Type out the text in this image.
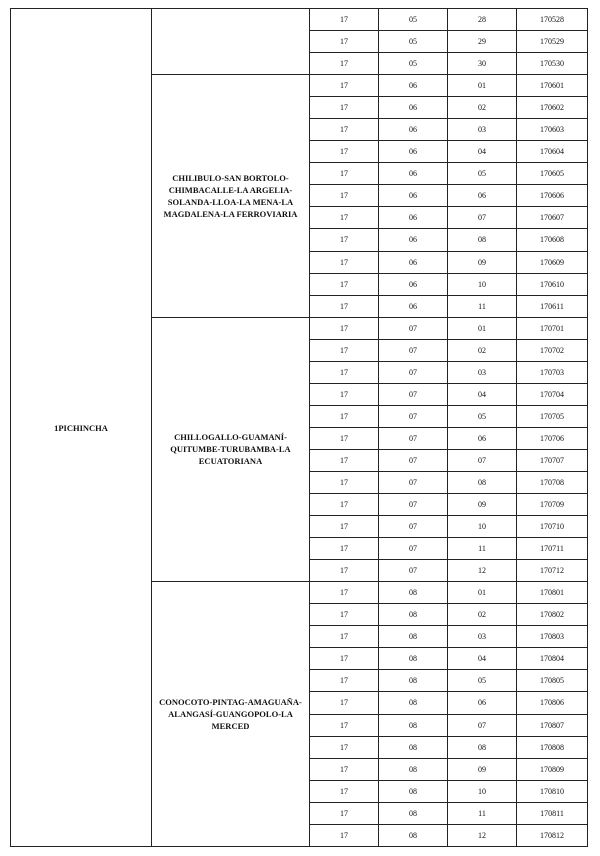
1PICHINCHA		17	05	28	170528
		17	05	29	170529
		17	05	30	170530
	CHILIBULO-SAN BORTOLO-CHIMBACALLE-LA ARGELIA-SOLANDA-LLOA-LA MENA-LA MAGDALENA-LA FERROVIARIA	17	06	01	170601
		17	06	02	170602
		17	06	03	170603
		17	06	04	170604
		17	06	05	170605
		17	06	06	170606
		17	06	07	170607
		17	06	08	170608
		17	06	09	170609
		17	06	10	170610
		17	06	11	170611
	CHILLOGALLO-GUAMANÍ-QUITUMBE-TURUBAMBA-LA ECUATORIANA	17	07	01	170701
		17	07	02	170702
		17	07	03	170703
		17	07	04	170704
		17	07	05	170705
		17	07	06	170706
		17	07	07	170707
		17	07	08	170708
		17	07	09	170709
		17	07	10	170710
		17	07	11	170711
		17	07	12	170712
	CONOCOTO-PINTAG-AMAGUAÑA-ALANGASÍ-GUANGOPOLO-LA MERCED	17	08	01	170801
		17	08	02	170802
		17	08	03	170803
		17	08	04	170804
		17	08	05	170805
		17	08	06	170806
		17	08	07	170807
		17	08	08	170808
		17	08	09	170809
		17	08	10	170810
		17	08	11	170811
		17	08	12	170812
